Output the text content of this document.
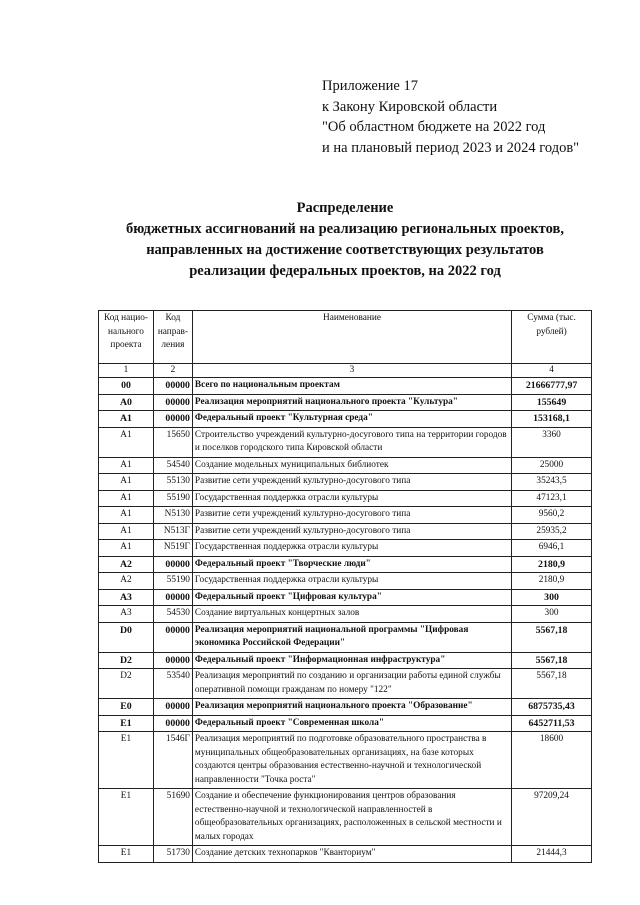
Приложение 17
к Закону Кировской области
"Об областном бюджете на 2022 год
и на плановый период 2023 и 2024 годов"
Распределение
бюджетных ассигнований на реализацию региональных проектов,
направленных на достижение соответствующих результатов
реализации федеральных проектов, на 2022 год
Код нацио-нального проекта	Код направ-ления	Наименование	Сумма (тыс. рублей)
1	2	3	4
00	00000	Всего по национальным проектам	21666777,97
A0	00000	Реализация мероприятий национального проекта "Культура"	155649
A1	00000	Федеральный проект "Культурная среда"	153168,1
A1	15650	Строительство учреждений культурно-досугового типа на территории городов и поселков городского типа Кировской области	3360
A1	54540	Создание модельных муниципальных библиотек	25000
A1	55130	Развитие сети учреждений культурно-досугового типа	35243,5
A1	55190	Государственная поддержка отрасли культуры	47123,1
A1	N5130	Развитие сети учреждений культурно-досугового типа	9560,2
A1	N513Г	Развитие сети учреждений культурно-досугового типа	25935,2
A1	N519Г	Государственная поддержка отрасли культуры	6946,1
A2	00000	Федеральный проект "Творческие люди"	2180,9
A2	55190	Государственная поддержка отрасли культуры	2180,9
A3	00000	Федеральный проект "Цифровая культура"	300
A3	54530	Создание виртуальных концертных залов	300
D0	00000	Реализация мероприятий национальной программы "Цифровая экономика Российской Федерации"	5567,18
D2	00000	Федеральный проект "Информационная инфраструктура"	5567,18
D2	53540	Реализация мероприятий по созданию и организации работы единой службы оперативной помощи гражданам по номеру "122"	5567,18
E0	00000	Реализация мероприятий национального проекта "Образование"	6875735,43
E1	00000	Федеральный проект "Современная школа"	6452711,53
E1	1546Г	Реализация мероприятий по подготовке образовательного пространства в муниципальных общеобразовательных организациях, на базе которых создаются центры образования естественно-научной и технологической направленности "Точка роста"	18600
E1	51690	Создание и обеспечение функционирования центров образования естественно-научной и технологической направленностей в общеобразовательных организациях, расположенных в сельской местности и малых городах	97209,24
E1	51730	Создание детских технопарков "Кванториум"	21444,3
